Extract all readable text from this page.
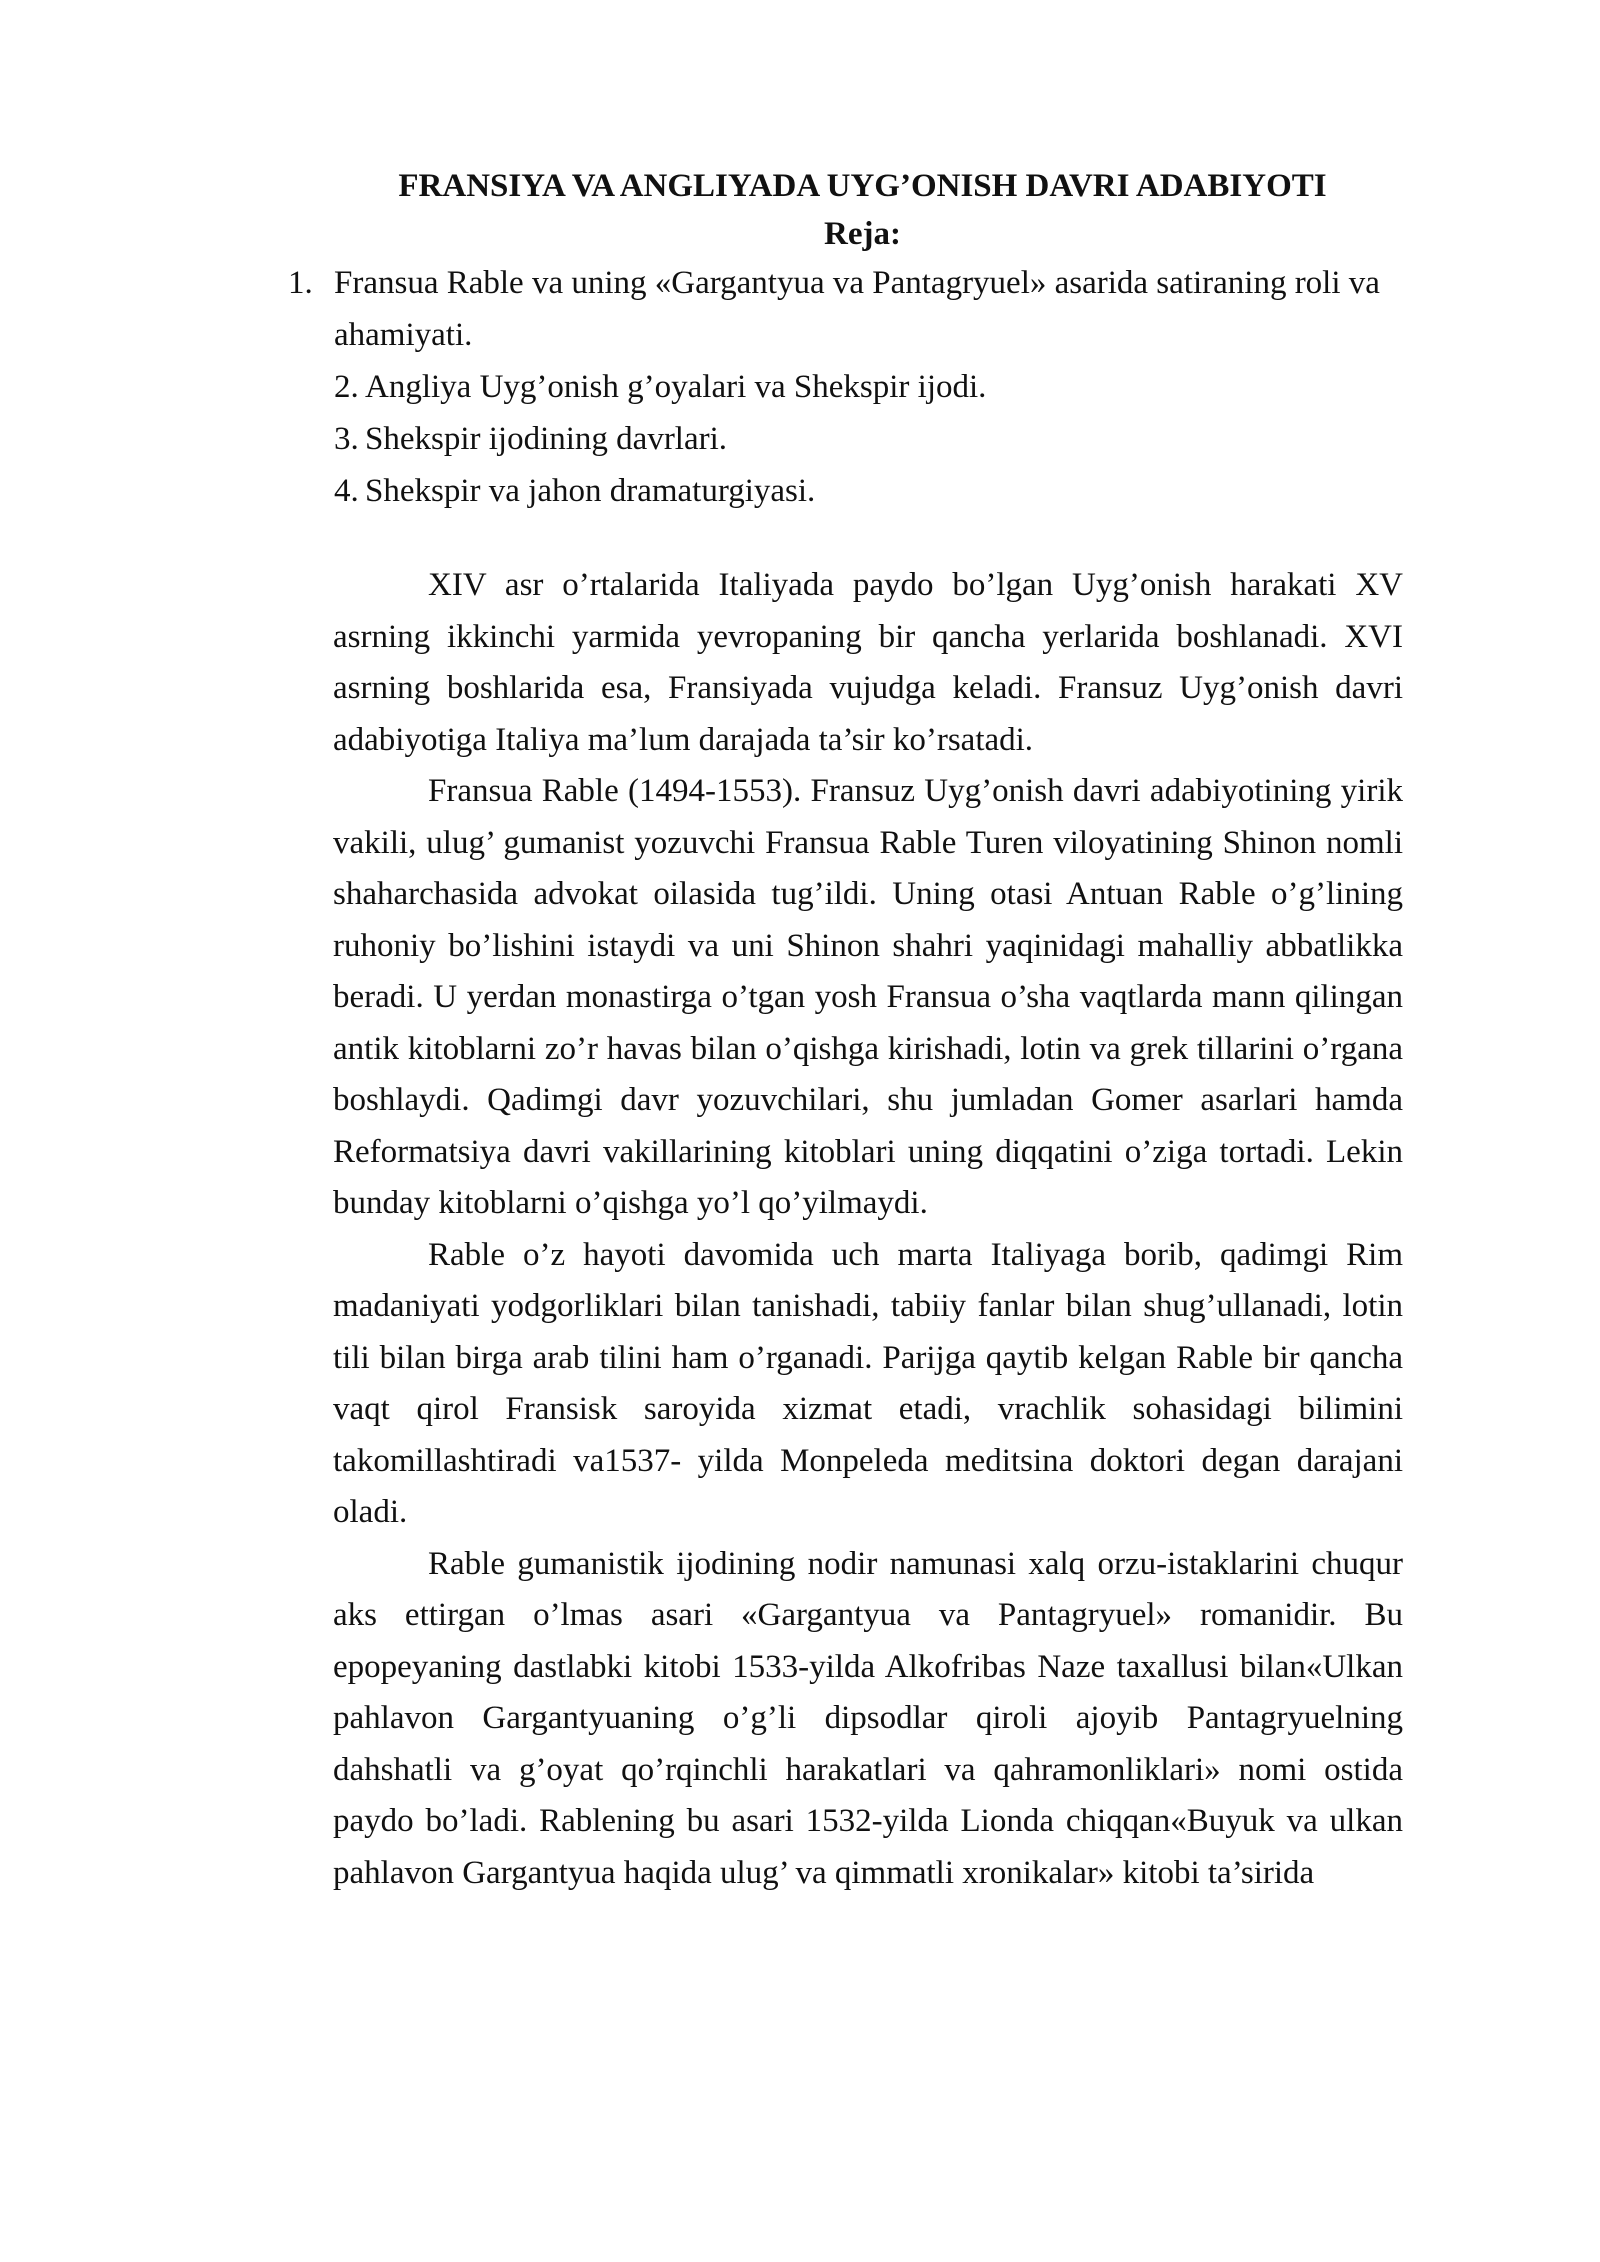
FRANSIYA VA ANGLIYADA UYG’ONISH DAVRI ADABIYOTI
Reja:
1. Fransua Rable va uning «Gargantyua va Pantagryuel» asarida satiraning roli va ahamiyati.
2. Angliya Uyg’onish g’oyalari va Shekspir ijodi.
3. Shekspir ijodining davrlari.
4. Shekspir va jahon dramaturgiyasi.

XIV asr o’rtalarida Italiyada paydo bo’lgan Uyg’onish harakati XV asrning ikkinchi yarmida yevropaning bir qancha yerlarida boshlanadi. XVI asrning boshlarida esa, Fransiyada vujudga keladi. Fransuz Uyg’onish davri adabiyotiga Italiya ma’lum darajada ta’sir ko’rsatadi.

Fransua Rable (1494-1553). Fransuz Uyg’onish davri adabiyotining yirik vakili, ulug’ gumanist yozuvchi Fransua Rable Turen viloyatining Shinon nomli shaharchasida advokat oilasida tug’ildi. Uning otasi Antuan Rable o’g’lining ruhoniy bo’lishini istaydi va uni Shinon shahri yaqinidagi mahalliy abbatlikka beradi. U yerdan monastirga o’tgan yosh Fransua o’sha vaqtlarda mann qilingan antik kitoblarni zo’r havas bilan o’qishga kirishadi, lotin va grek tillarini o’rgana boshlaydi. Qadimgi davr yozuvchilari, shu jumladan Gomer asarlari hamda Reformatsiya davri vakillarining kitoblari uning diqqatini o’ziga tortadi. Lekin bunday kitoblarni o’qishga yo’l qo’yilmaydi.

Rable o’z hayoti davomida uch marta Italiyaga borib, qadimgi Rim madaniyati yodgorliklari bilan tanishadi, tabiiy fanlar bilan shug’ullanadi, lotin tili bilan birga arab tilini ham o’rganadi. Parijga qaytib kelgan Rable bir qancha vaqt qirol Fransisk saroyida xizmat etadi, vrachlik sohasidagi bilimini takomillashtiradi va1537- yilda Monpeleda meditsina doktori degan darajani oladi.

Rable gumanistik ijodining nodir namunasi xalq orzu-istaklarini chuqur aks ettirgan o’lmas asari «Gargantyua va Pantagryuel» romanidir. Bu epopeyaning dastlabki kitobi 1533-yilda Alkofribas Naze taxallusi bilan«Ulkan pahlavon Gargantyuaning o’g’li dipsodlar qiroli ajoyib Pantagryuelning dahshatli va g’oyat qo’rqinchli harakatlari va qahramonliklari» nomi ostida paydo bo’ladi. Rablening bu asari 1532-yilda Lionda chiqqan«Buyuk va ulkan pahlavon Gargantyua haqida ulug’ va qimmatli xronikalar» kitobi ta’sirida
